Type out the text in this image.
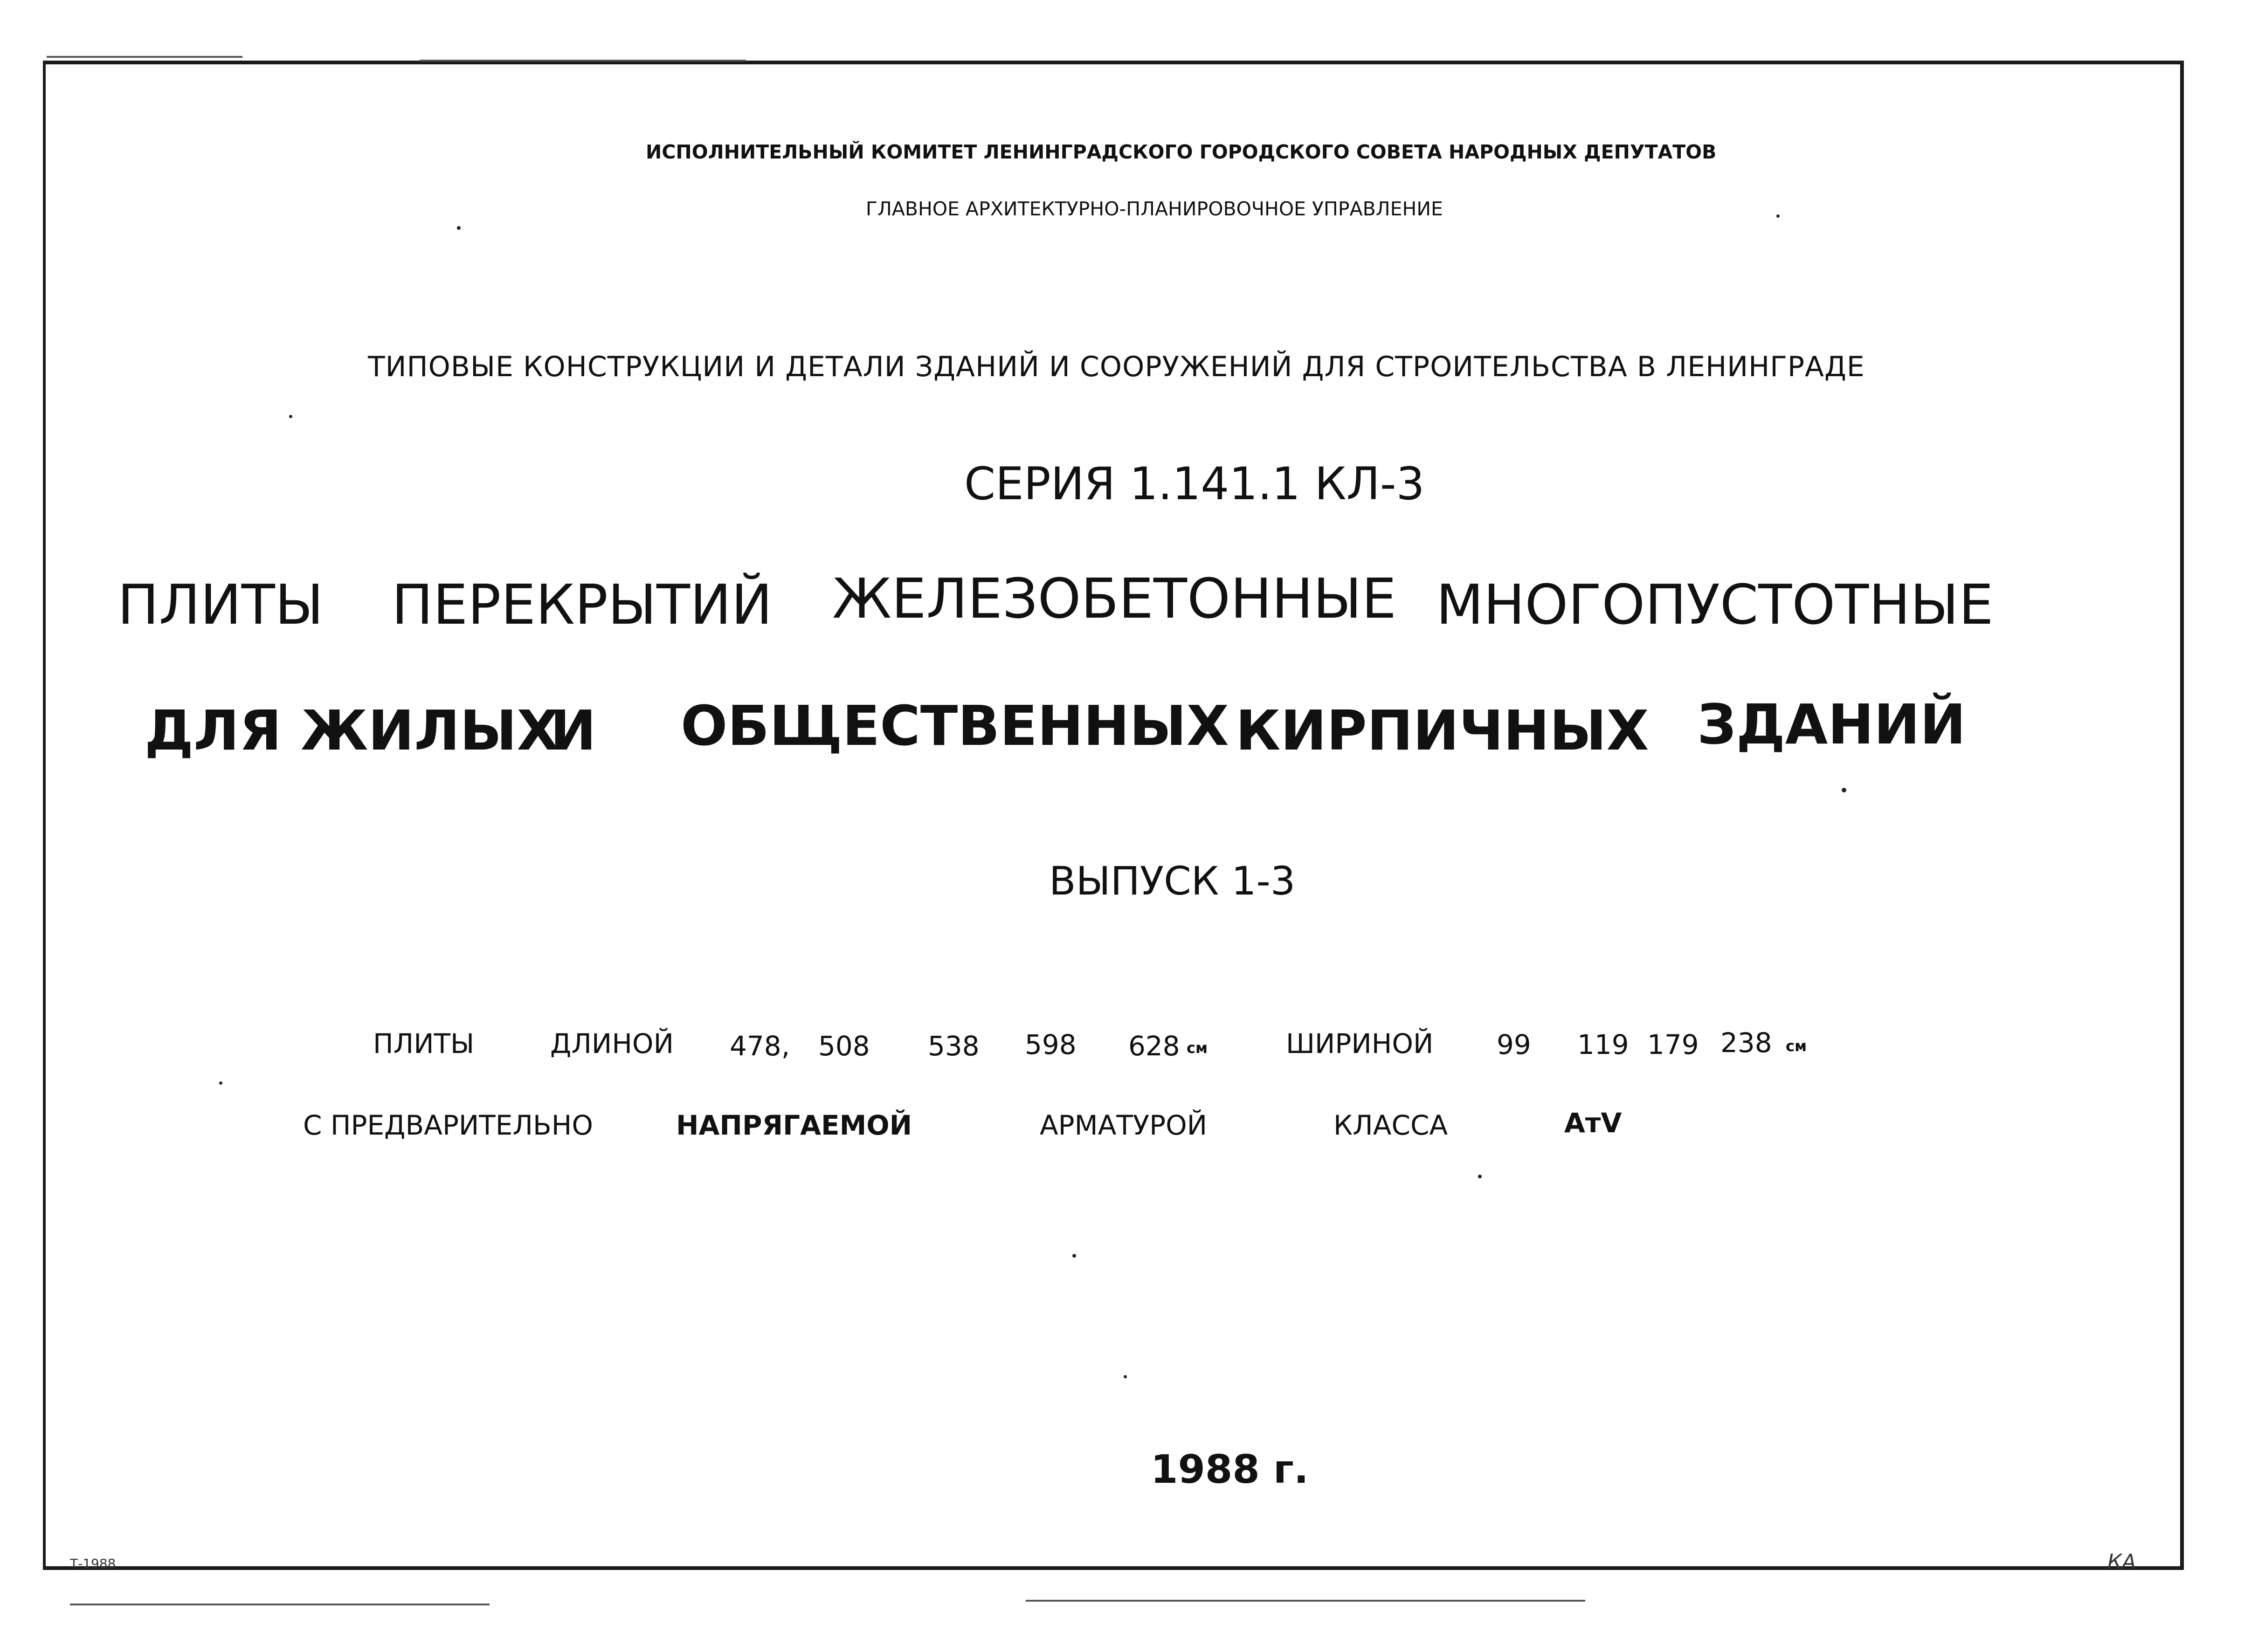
ИСПОЛНИТЕЛЬНЫЙ КОМИТЕТ ЛЕНИНГРАДСКОГО ГОРОДСКОГО СОВЕТА НАРОДНЫХ ДЕПУТАТОВ
ГЛАВНОЕ АРХИТЕКТУРНО-ПЛАНИРОВОЧНОЕ УПРАВЛЕНИЕ
ТИПОВЫЕ КОНСТРУКЦИИ И ДЕТАЛИ ЗДАНИЙ И СООРУЖЕНИЙ ДЛЯ СТРОИТЕЛЬСТВА В ЛЕНИНГРАДЕ
СЕРИЯ 1.141.1 КЛ-3
ПЛИТЫ ПЕРЕКРЫТИЙ ЖЕЛЕЗОБЕТОННЫЕ МНОГОПУСТОТНЫЕ
ДЛЯ ЖИЛЫХ
И ОБЩЕСТВЕННЫХ КИРПИЧНЫХ ЗДАНИЙ
ВЫПУСК 1-3
ПЛИТЫ	ДЛИНОЙ 478, 508 538 598 628 см	ШИРИНОЙ 99 119 179 238 см
С ПРЕДВАРИТЕЛЬНО	НАПРЯГАЕМОЙ	АРМАТУРОЙ	КЛАССА	АтV
1988 г.
Т-1988	КА
